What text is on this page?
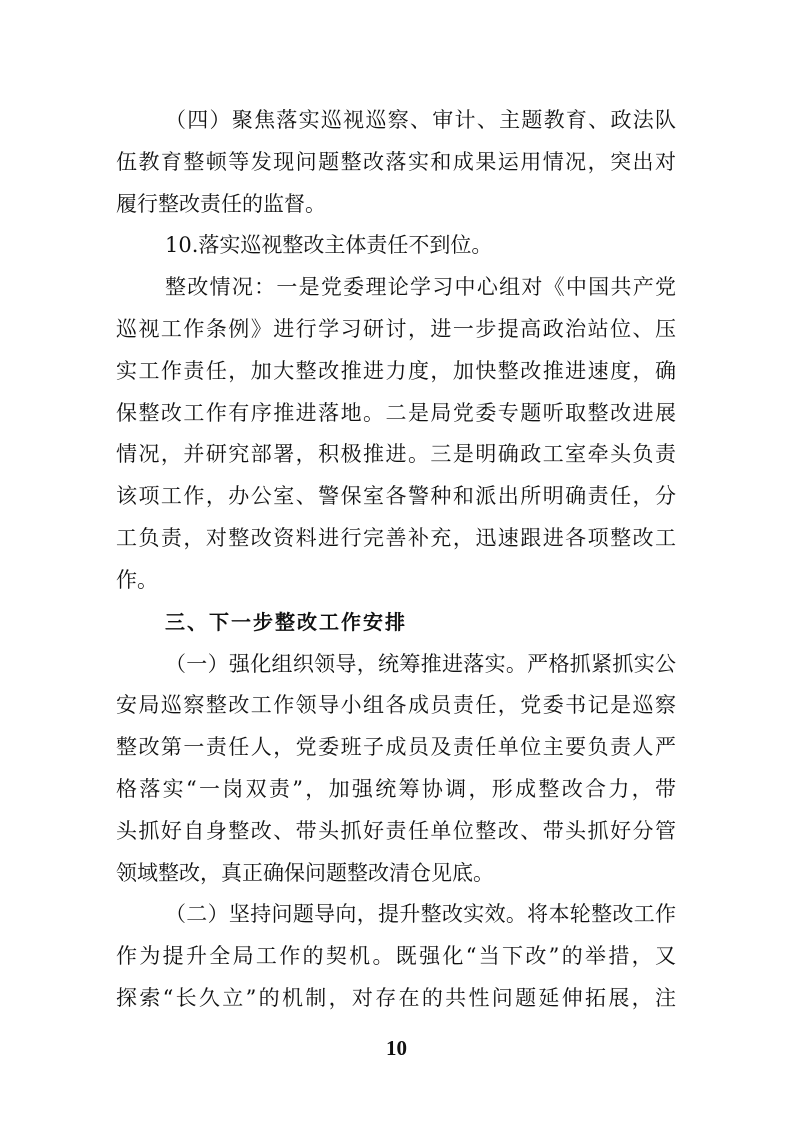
（四）聚焦落实巡视巡察、审计、主题教育、政法队
伍教育整顿等发现问题整改落实和成果运用情况，突出对
履行整改责任的监督。
10.落实巡视整改主体责任不到位。
整改情况：一是党委理论学习中心组对《中国共产党
巡视工作条例》进行学习研讨，进一步提高政治站位、压
实工作责任，加大整改推进力度，加快整改推进速度，确
保整改工作有序推进落地。二是局党委专题听取整改进展
情况，并研究部署，积极推进。三是明确政工室牵头负责
该项工作，办公室、警保室各警种和派出所明确责任，分
工负责，对整改资料进行完善补充，迅速跟进各项整改工
作。
三、下一步整改工作安排
（一）强化组织领导，统筹推进落实。严格抓紧抓实公
安局巡察整改工作领导小组各成员责任，党委书记是巡察
整改第一责任人，党委班子成员及责任单位主要负责人严
格落实“一岗双责”，加强统筹协调，形成整改合力，带
头抓好自身整改、带头抓好责任单位整改、带头抓好分管
领域整改，真正确保问题整改清仓见底。
（二）坚持问题导向，提升整改实效。将本轮整改工作
作为提升全局工作的契机。既强化“当下改”的举措，又
探索“长久立”的机制，对存在的共性问题延伸拓展，注
10
